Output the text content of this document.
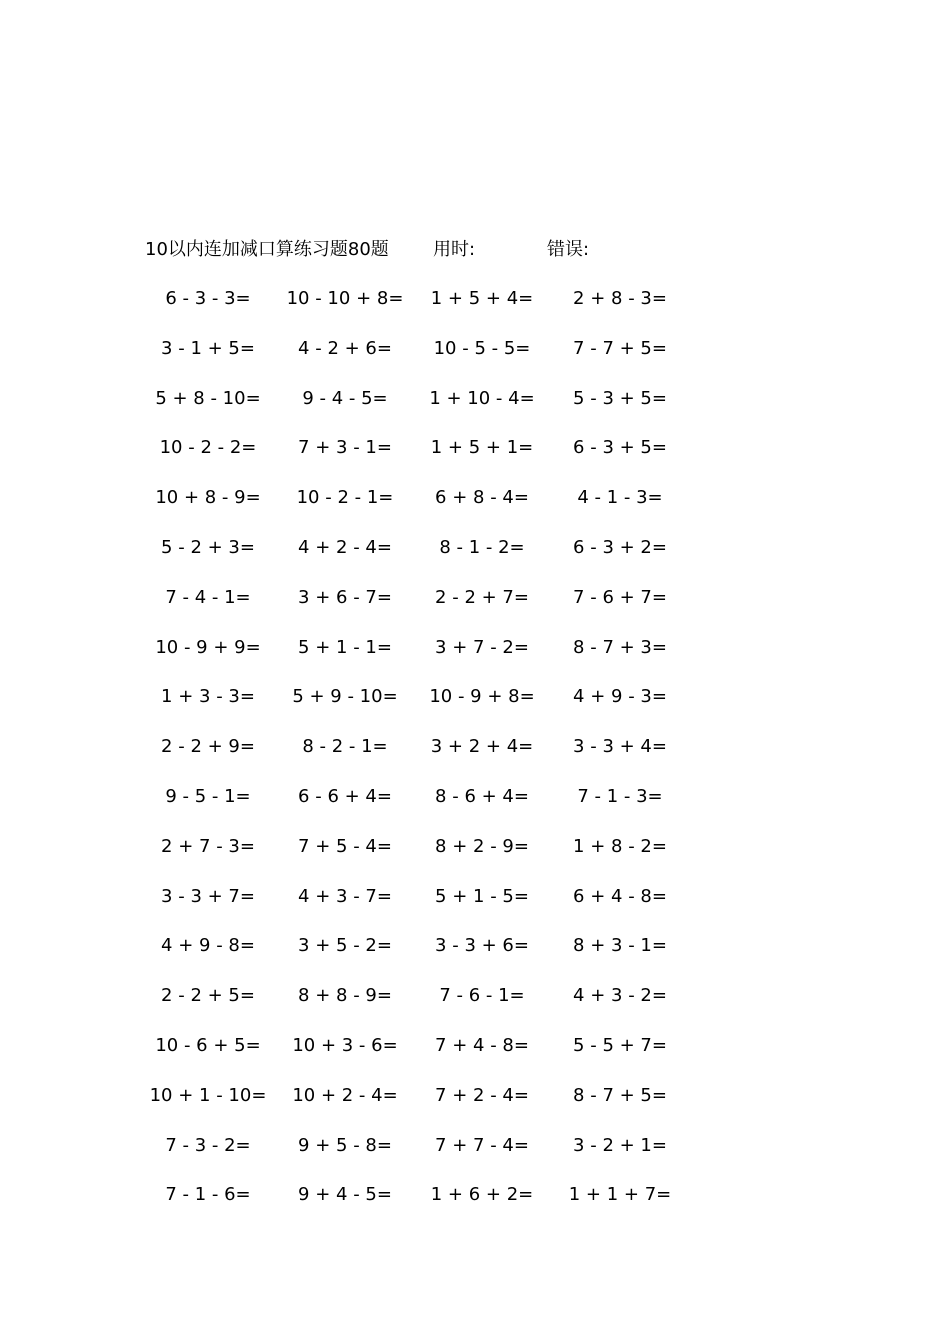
10以内连加减口算练习题80题 用时:	错误:
6 - 3 - 3=	10 - 10 + 8=	1 + 5 + 4=	2 + 8 - 3=
3 - 1 + 5=	4 - 2 + 6=	10 - 5 - 5=	7 - 7 + 5=
5 + 8 - 10=	9 - 4 - 5=	1 + 10 - 4=	5 - 3 + 5=
10 - 2 - 2=	7 + 3 - 1=	1 + 5 + 1=	6 - 3 + 5=
10 + 8 - 9=	10 - 2 - 1=	6 + 8 - 4=	4 - 1 - 3=
5 - 2 + 3=	4 + 2 - 4=	8 - 1 - 2=	6 - 3 + 2=
7 - 4 - 1=	3 + 6 - 7=	2 - 2 + 7=	7 - 6 + 7=
10 - 9 + 9=	5 + 1 - 1=	3 + 7 - 2=	8 - 7 + 3=
1 + 3 - 3=	5 + 9 - 10=	10 - 9 + 8=	4 + 9 - 3=
2 - 2 + 9=	8 - 2 - 1=	3 + 2 + 4=	3 - 3 + 4=
9 - 5 - 1=	6 - 6 + 4=	8 - 6 + 4=	7 - 1 - 3=
2 + 7 - 3=	7 + 5 - 4=	8 + 2 - 9=	1 + 8 - 2=
3 - 3 + 7=	4 + 3 - 7=	5 + 1 - 5=	6 + 4 - 8=
4 + 9 - 8=	3 + 5 - 2=	3 - 3 + 6=	8 + 3 - 1=
2 - 2 + 5=	8 + 8 - 9=	7 - 6 - 1=	4 + 3 - 2=
10 - 6 + 5=	10 + 3 - 6=	7 + 4 - 8=	5 - 5 + 7=
10 + 1 - 10=	10 + 2 - 4=	7 + 2 - 4=	8 - 7 + 5=
7 - 3 - 2=	9 + 5 - 8=	7 + 7 - 4=	3 - 2 + 1=
7 - 1 - 6=	9 + 4 - 5=	1 + 6 + 2=	1 + 1 + 7=
